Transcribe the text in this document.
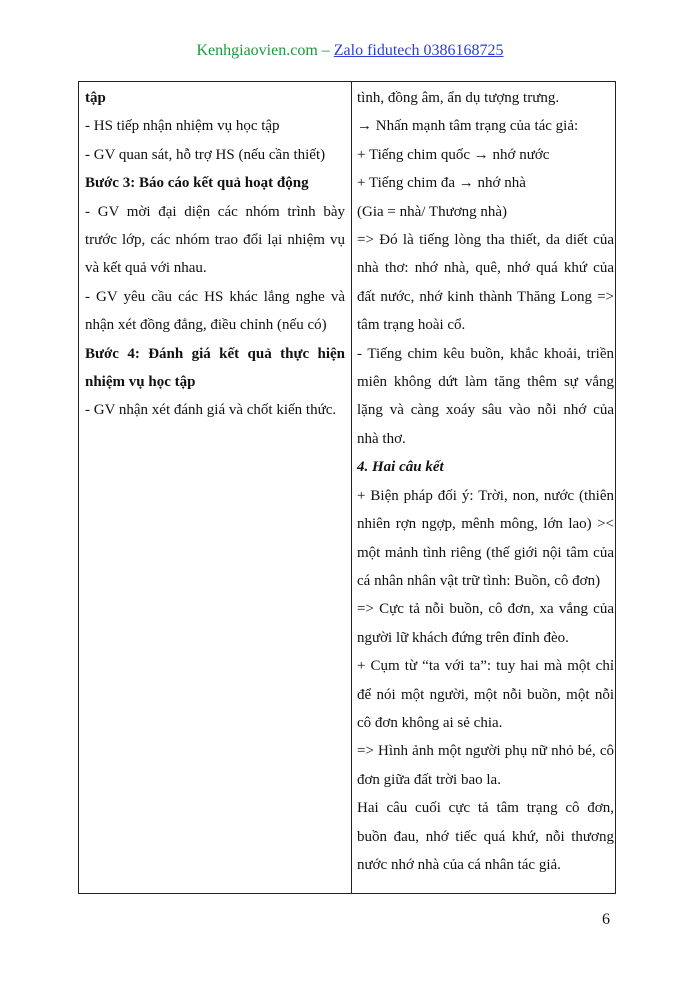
Kenhgiaovien.com – Zalo fidutech 0386168725

tập

- HS tiếp nhận nhiệm vụ học tập

- GV quan sát, hỗ trợ HS (nếu cần thiết)

Bước 3: Báo cáo kết quả hoạt động

- GV mời đại diện các nhóm trình bày trước lớp, các nhóm trao đổi lại nhiệm vụ và kết quả với nhau.

- GV yêu cầu các HS khác lắng nghe và nhận xét đồng đẳng, điều chỉnh (nếu có)

Bước 4: Đánh giá kết quả thực hiện nhiệm vụ học tập

- GV nhận xét đánh giá và chốt kiến thức.

tình, đồng âm, ẩn dụ tượng trưng.

→ Nhấn mạnh tâm trạng của tác giả:

+ Tiếng chim quốc → nhớ nước

+ Tiếng chim đa → nhớ nhà

(Gia = nhà/ Thương nhà)

=> Đó là tiếng lòng tha thiết, da diết của nhà thơ: nhớ nhà, quê, nhớ quá khứ của đất nước, nhớ kinh thành Thăng Long => tâm trạng hoài cổ.

- Tiếng chim kêu buồn, khắc khoải, triền miên không dứt làm tăng thêm sự vắng lặng và càng xoáy sâu vào nỗi nhớ của nhà thơ.

4. Hai câu kết

+ Biện pháp đối ý: Trời, non, nước (thiên nhiên rợn ngợp, mênh mông, lớn lao) >< một mảnh tình riêng (thế giới nội tâm của cá nhân nhân vật trữ tình: Buồn, cô đơn)

=> Cực tả nỗi buồn, cô đơn, xa vắng của người lữ khách đứng trên đỉnh đèo.

+ Cụm từ “ta với ta”: tuy hai mà một chỉ để nói một người, một nỗi buồn, một nỗi cô đơn không ai sẻ chia.

=> Hình ảnh một người phụ nữ nhỏ bé, cô đơn giữa đất trời bao la.

Hai câu cuối cực tả tâm trạng cô đơn, buồn đau, nhớ tiếc quá khứ, nỗi thương nước nhớ nhà của cá nhân tác giả.

6
